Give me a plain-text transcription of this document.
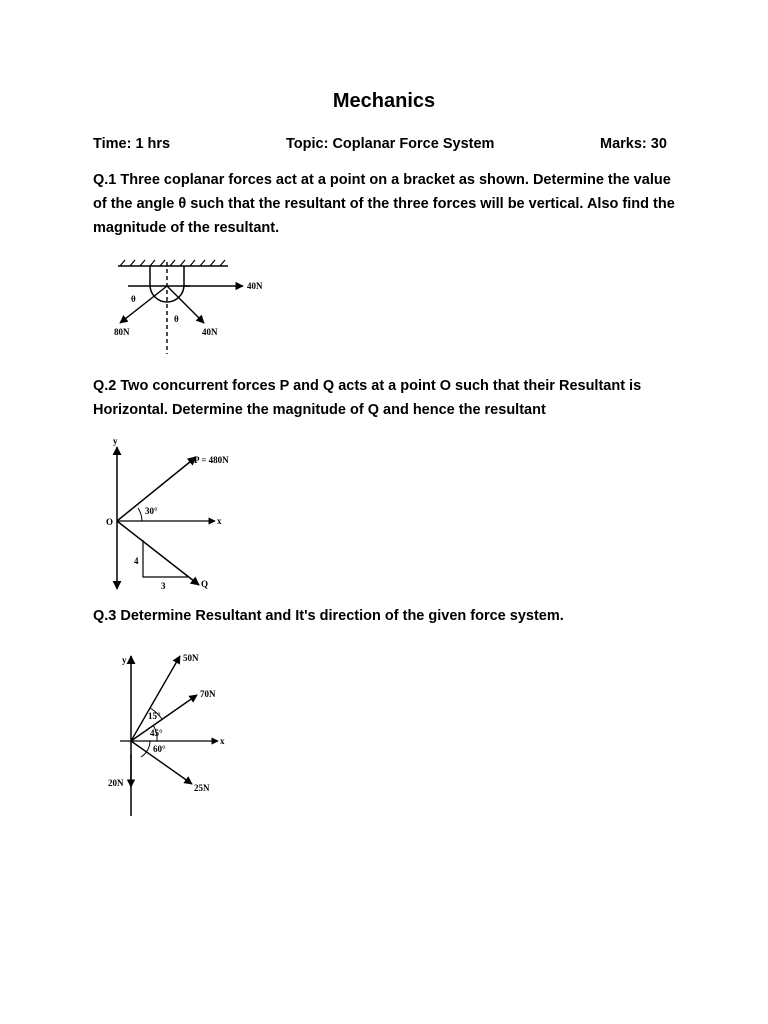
Mechanics
Time: 1 hrs	Topic: Coplanar Force System	Marks: 30
Q.1 Three coplanar forces act at a point on a bracket as shown. Determine the value of the angle θ such that the resultant of the three forces will be vertical. Also find the magnitude of the resultant.
40N
80N	40N
θ
θ
Q.2 Two concurrent forces P and Q acts at a point O such that their Resultant is Horizontal. Determine the magnitude of Q and hence the resultant
y
x
O
P = 480N
30°
4
3	Q
Q.3 Determine Resultant and It's direction of the given force system.
y
x
50N
70N
25N
20N
15°
45°
60°
